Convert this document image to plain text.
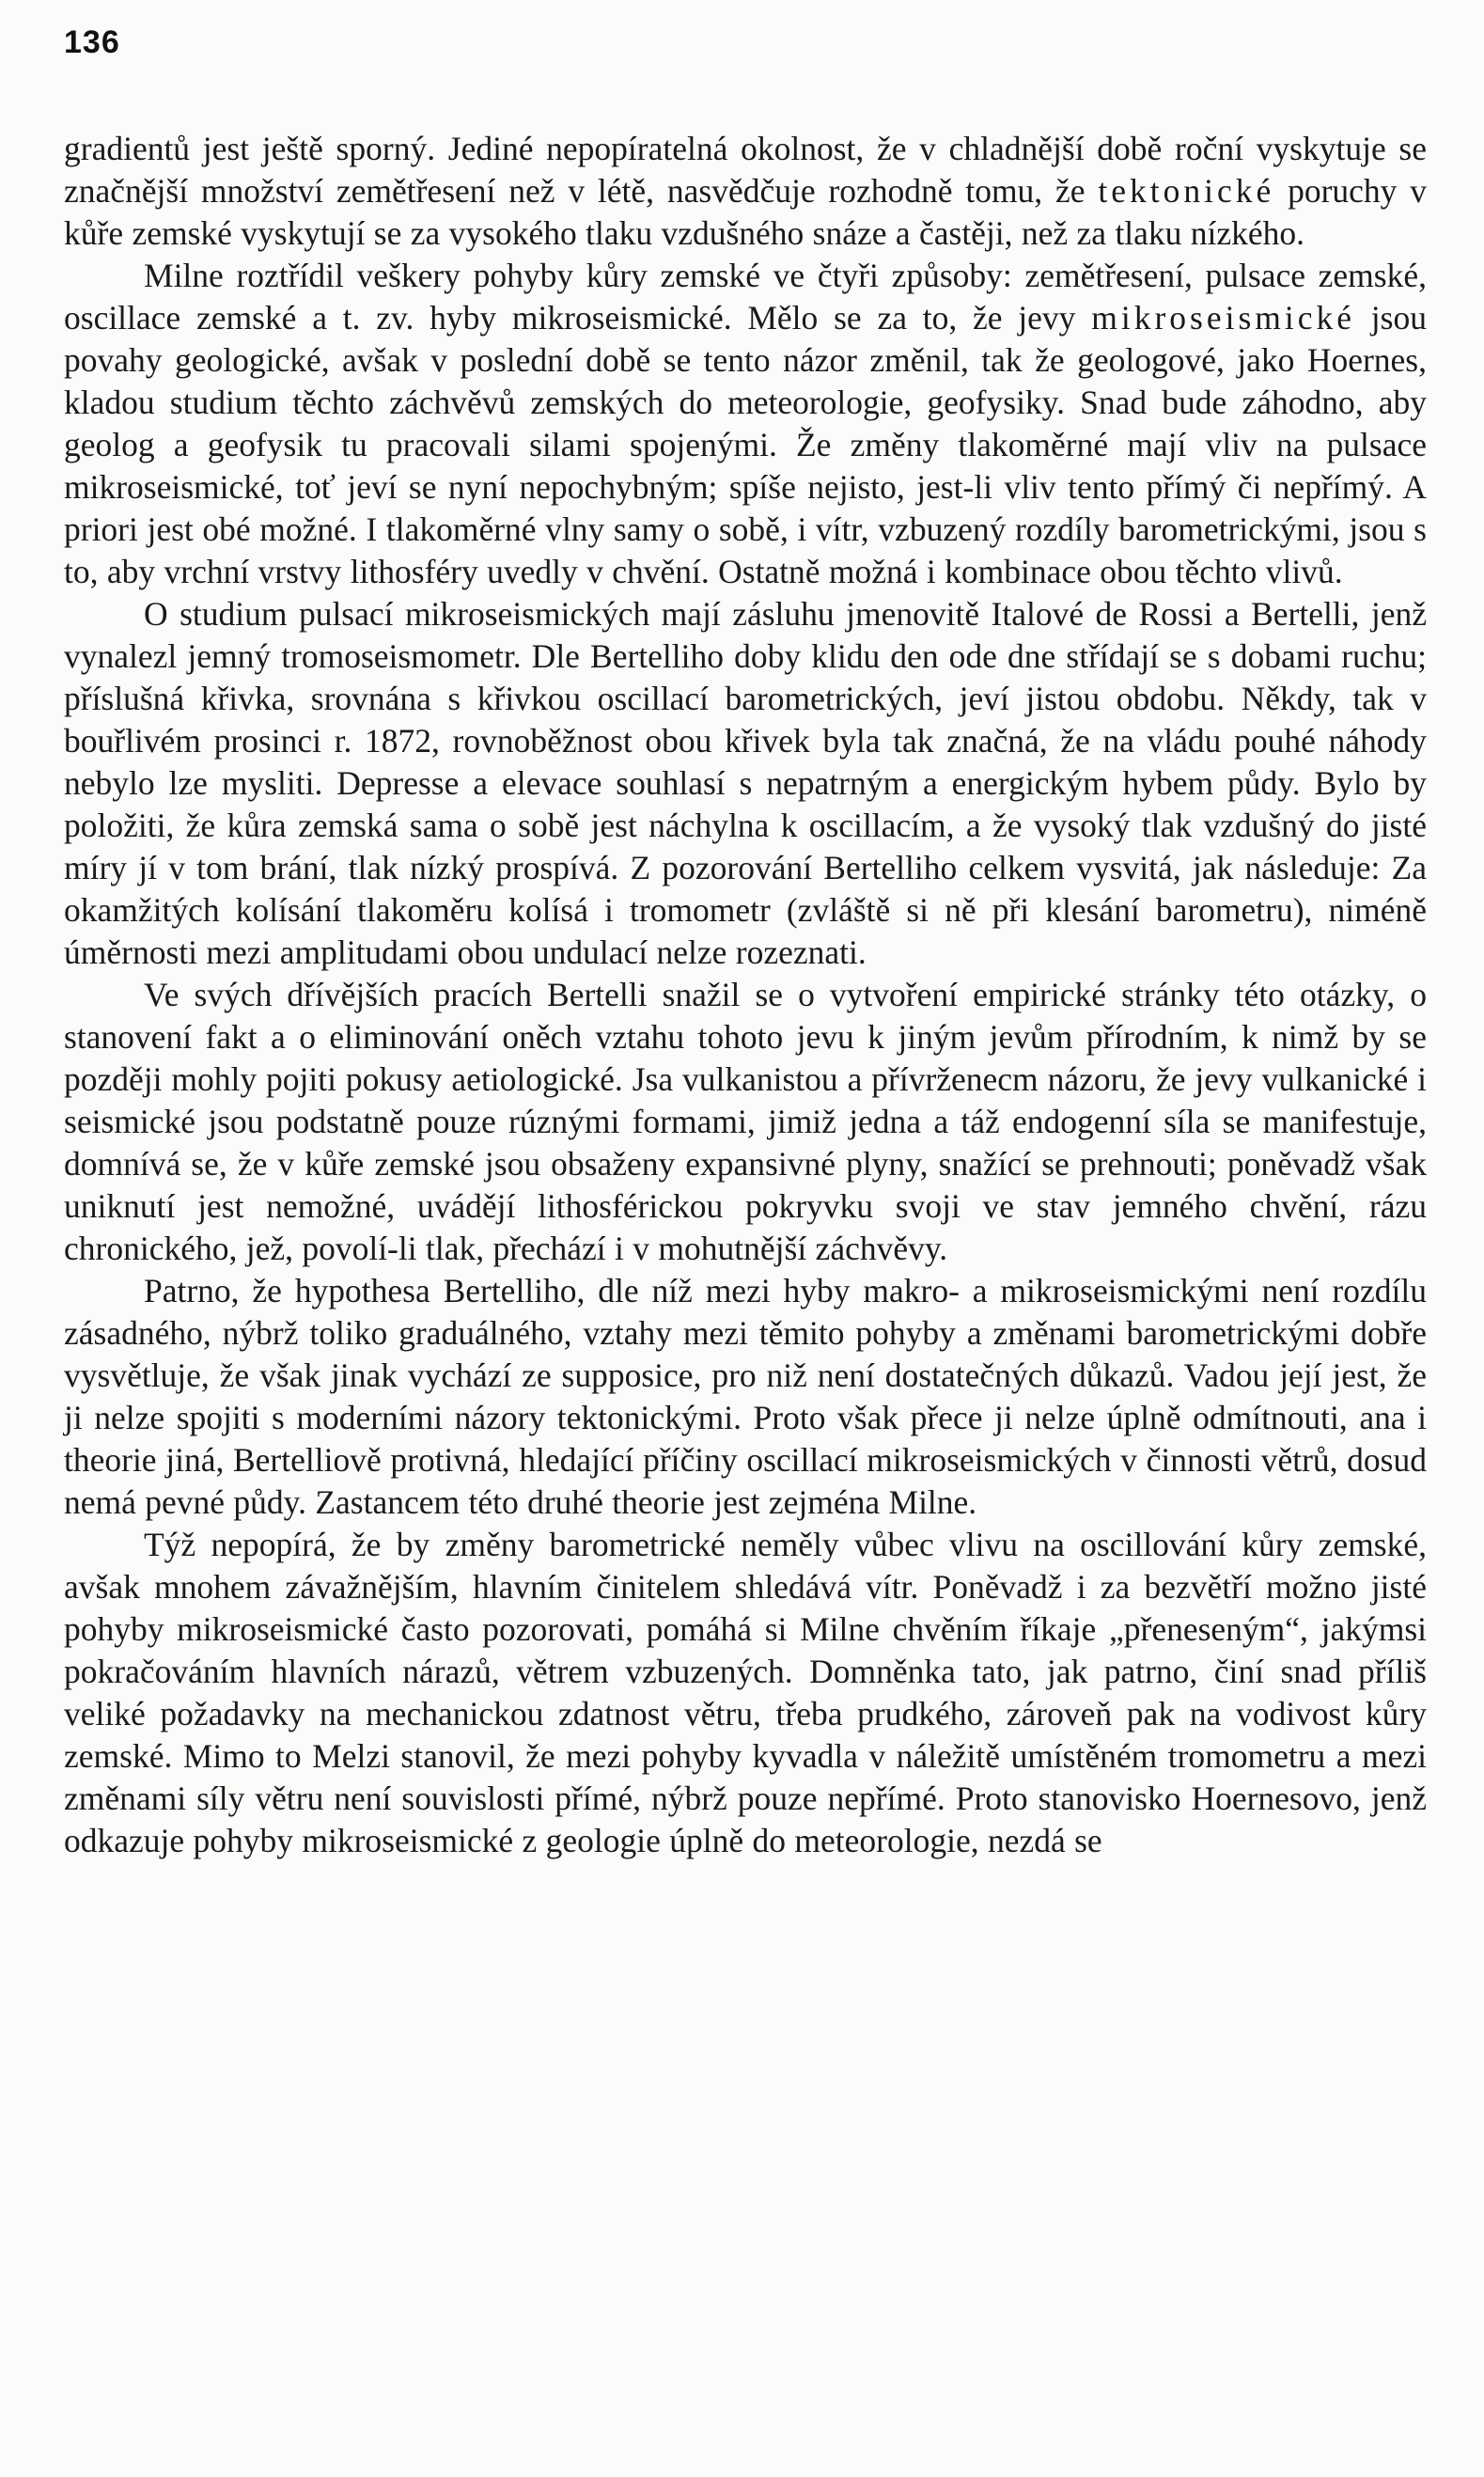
136

gradientů jest ještě sporný. Jediné nepopíratelná okolnost, že v chladnější době roční vyskytuje se značnější množství zemětřesení než v létě, nasvědčuje rozhodně tomu, že tektonické poruchy v kůře zemské vyskytují se za vysokého tlaku vzdušného snáze a častěji, než za tlaku nízkého.

Milne roztřídil veškery pohyby kůry zemské ve čtyři způsoby: zemětřesení, pulsace zemské, oscillace zemské a t. zv. hyby mikroseismické. Mělo se za to, že jevy mikroseismické jsou povahy geologické, avšak v poslední době se tento názor změnil, tak že geologové, jako Hoernes, kladou studium těchto záchvěvů zemských do meteorologie, geofysiky. Snad bude záhodno, aby geolog a geofysik tu pracovali silami spojenými. Že změny tlakoměrné mají vliv na pulsace mikroseismické, toť jeví se nyní nepochybným; spíše nejisto, jest-li vliv tento přímý či nepřímý. A priori jest obé možné. I tlakoměrné vlny samy o sobě, i vítr, vzbuzený rozdíly barometrickými, jsou s to, aby vrchní vrstvy lithosféry uvedly v chvění. Ostatně možná i kombinace obou těchto vlivů.

O studium pulsací mikroseismických mají zásluhu jmenovitě Italové de Rossi a Bertelli, jenž vynalezl jemný tromoseismometr. Dle Bertelliho doby klidu den ode dne střídají se s dobami ruchu; příslušná křivka, srovnána s křivkou oscillací barometrických, jeví jistou obdobu. Někdy, tak v bouřlivém prosinci r. 1872, rovnoběžnost obou křivek byla tak značná, že na vládu pouhé náhody nebylo lze mysliti. Depresse a elevace souhlasí s nepatrným a energickým hybem půdy. Bylo by položiti, že kůra zemská sama o sobě jest náchylna k oscillacím, a že vysoký tlak vzdušný do jisté míry jí v tom brání, tlak nízký prospívá. Z pozorování Bertelliho celkem vysvitá, jak následuje: Za okamžitých kolísání tlakoměru kolísá i tromometr (zvláště si ně při klesání barometru), niméně úměrnosti mezi amplitudami obou undulací nelze rozeznati.

Ve svých dřívějších pracích Bertelli snažil se o vytvoření empirické stránky této otázky, o stanovení fakt a o eliminování oněch vztahu tohoto jevu k jiným jevům přírodním, k nimž by se později mohly pojiti pokusy aetiologické. Jsa vulkanistou a přívrženecm názoru, že jevy vulkanické i seismické jsou podstatně pouze rúznými formami, jimiž jedna a táž endogenní síla se manifestuje, domnívá se, že v kůře zemské jsou obsaženy expansivné plyny, snažící se prehnouti; poněvadž však uniknutí jest nemožné, uvádějí lithosférickou pokryvku svoji ve stav jemného chvění, rázu chronického, jež, povolí-li tlak, přechází i v mohutnější záchvěvy.

Patrno, že hypothesa Bertelliho, dle níž mezi hyby makro- a mikroseismickými není rozdílu zásadného, nýbrž toliko graduálného, vztahy mezi těmito pohyby a změnami barometrickými dobře vysvětluje, že však jinak vychází ze supposice, pro niž není dostatečných důkazů. Vadou její jest, že ji nelze spojiti s moderními názory tektonickými. Proto však přece ji nelze úplně odmítnouti, ana i theorie jiná, Bertelliově protivná, hledající příčiny oscillací mikroseismických v činnosti větrů, dosud nemá pevné půdy. Zastancem této druhé theorie jest zejména Milne.

Týž nepopírá, že by změny barometrické neměly vůbec vlivu na oscillování kůry zemské, avšak mnohem závažnějším, hlavním činitelem shledává vítr. Poněvadž i za bezvětří možno jisté pohyby mikroseismické často pozorovati, pomáhá si Milne chvěním říkaje „přeneseným“, jakýmsi pokračováním hlavních nárazů, větrem vzbuzených. Domněnka tato, jak patrno, činí snad příliš veliké požadavky na mechanickou zdatnost větru, třeba prudkého, zároveň pak na vodivost kůry zemské. Mimo to Melzi stanovil, že mezi pohyby kyvadla v náležitě umístěném tromometru a mezi změnami síly větru není souvislosti přímé, nýbrž pouze nepřímé. Proto stanovisko Hoernesovo, jenž odkazuje pohyby mikroseismické z geologie úplně do meteorologie, nezdá se
